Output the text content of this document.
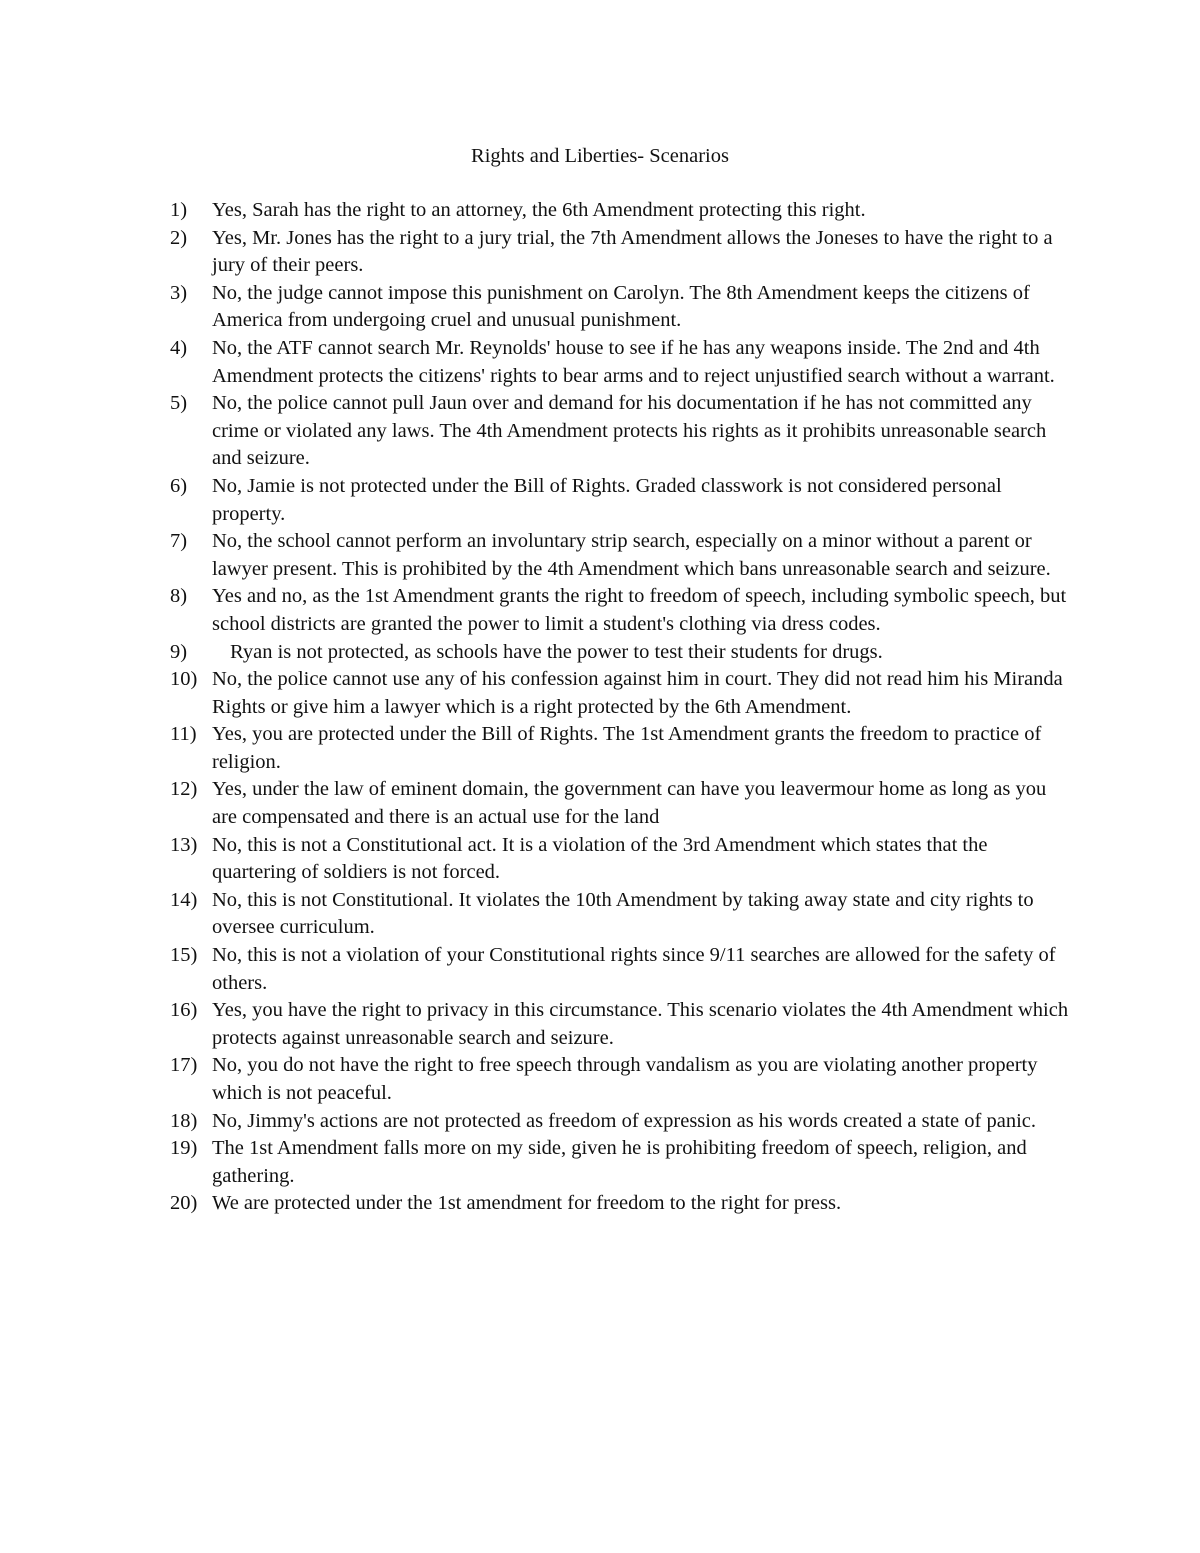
Rights and Liberties- Scenarios
1) Yes, Sarah has the right to an attorney, the 6th Amendment protecting this right.
2) Yes, Mr. Jones has the right to a jury trial, the 7th Amendment allows the Joneses to have the right to a jury of their peers.
3) No, the judge cannot impose this punishment on Carolyn. The 8th Amendment keeps the citizens of America from undergoing cruel and unusual punishment.
4) No, the ATF cannot search Mr. Reynolds' house to see if he has any weapons inside. The 2nd and 4th Amendment protects the citizens' rights to bear arms and to reject unjustified search without a warrant.
5) No, the police cannot pull Jaun over and demand for his documentation if he has not committed any crime or violated any laws. The 4th Amendment protects his rights as it prohibits unreasonable search and seizure.
6) No, Jamie is not protected under the Bill of Rights. Graded classwork is not considered personal property.
7) No, the school cannot perform an involuntary strip search, especially on a minor without a parent or lawyer present. This is prohibited by the 4th Amendment which bans unreasonable search and seizure.
8) Yes and no, as the 1st Amendment grants the right to freedom of speech, including symbolic speech, but school districts are granted the power to limit a student's clothing via dress codes.
9)	Ryan is not protected, as schools have the power to test their students for drugs.
10) No, the police cannot use any of his confession against him in court. They did not read him his Miranda Rights or give him a lawyer which is a right protected by the 6th Amendment.
11) Yes, you are protected under the Bill of Rights. The 1st Amendment grants the freedom to practice of religion.
12) Yes, under the law of eminent domain, the government can have you leavermour home as long as you are compensated and there is an actual use for the land
13) No, this is not a Constitutional act. It is a violation of the 3rd Amendment which states that the quartering of soldiers is not forced.
14) No, this is not Constitutional. It violates the 10th Amendment by taking away state and city rights to oversee curriculum.
15) No, this is not a violation of your Constitutional rights since 9/11 searches are allowed for the safety of others.
16) Yes, you have the right to privacy in this circumstance. This scenario violates the 4th Amendment which protects against unreasonable search and seizure.
17) No, you do not have the right to free speech through vandalism as you are violating another property which is not peaceful.
18) No, Jimmy's actions are not protected as freedom of expression as his words created a state of panic.
19) The 1st Amendment falls more on my side, given he is prohibiting freedom of speech, religion, and gathering.
20) We are protected under the 1st amendment for freedom to the right for press.
